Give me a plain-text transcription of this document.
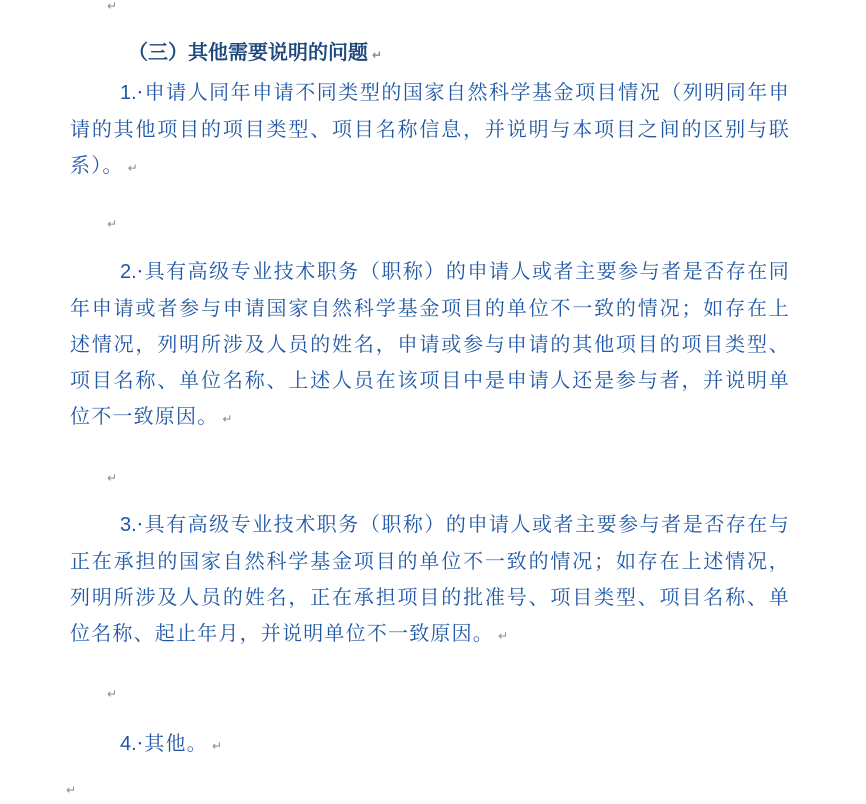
↵
（三）其他需要说明的问题 ↵
1.·申请人同年申请不同类型的国家自然科学基金项目情况（列明同年申请的其他项目的项目类型、项目名称信息，并说明与本项目之间的区别与联系）。 ↵
↵
2.·具有高级专业技术职务（职称）的申请人或者主要参与者是否存在同年申请或者参与申请国家自然科学基金项目的单位不一致的情况；如存在上述情况，列明所涉及人员的姓名，申请或参与申请的其他项目的项目类型、项目名称、单位名称、上述人员在该项目中是申请人还是参与者，并说明单位不一致原因。 ↵
↵
3.·具有高级专业技术职务（职称）的申请人或者主要参与者是否存在与正在承担的国家自然科学基金项目的单位不一致的情况；如存在上述情况，列明所涉及人员的姓名，正在承担项目的批准号、项目类型、项目名称、单位名称、起止年月，并说明单位不一致原因。 ↵
↵
4.·其他。 ↵
↵
